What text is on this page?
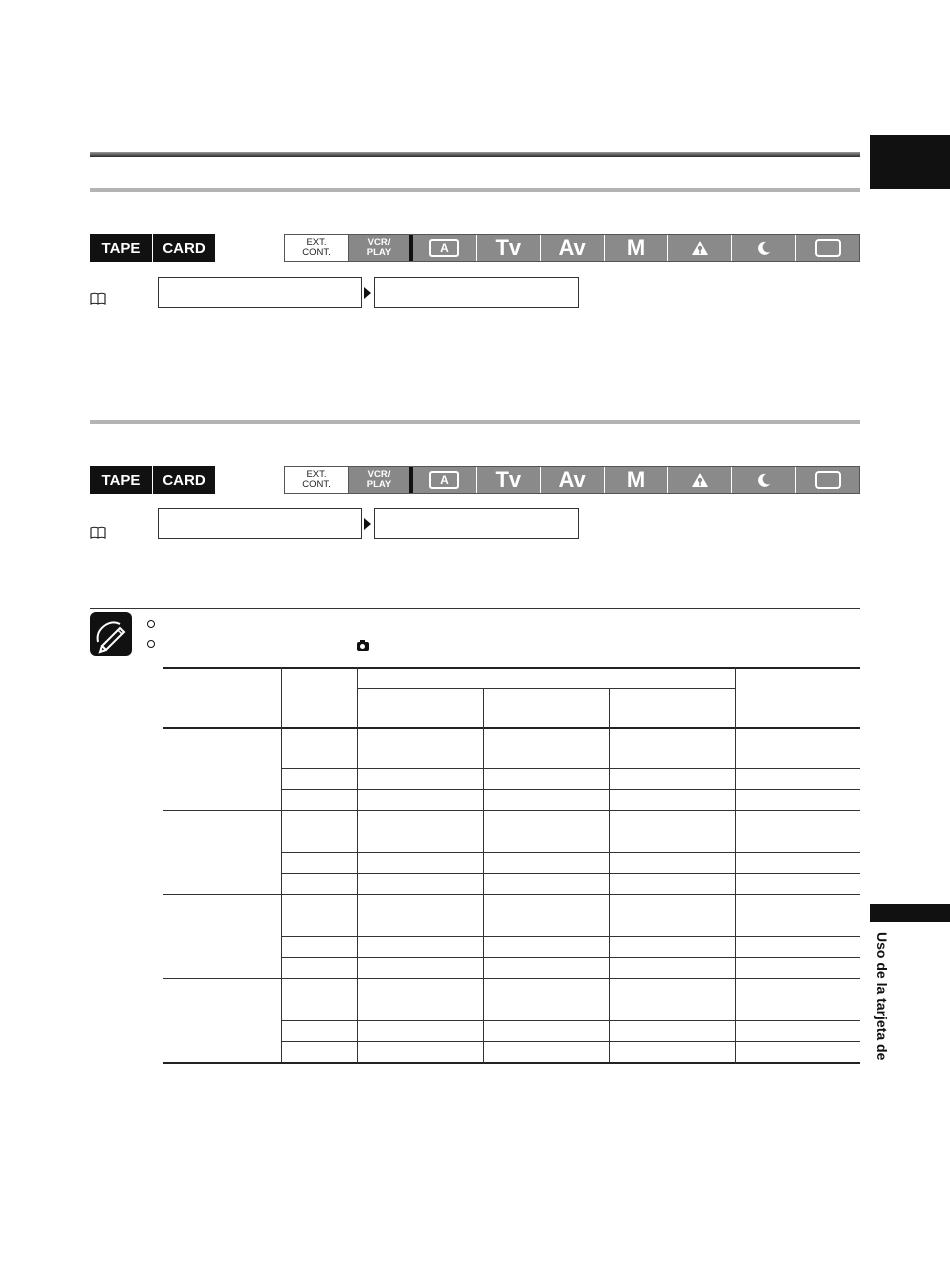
Uso de la tarjeta de
TAPE	CARD	EXT.
CONT.
VCR/
PLAY	A	Tv Av M
TAPE	CARD	EXT.
CONT.
VCR/
PLAY	A	Tv Av M
